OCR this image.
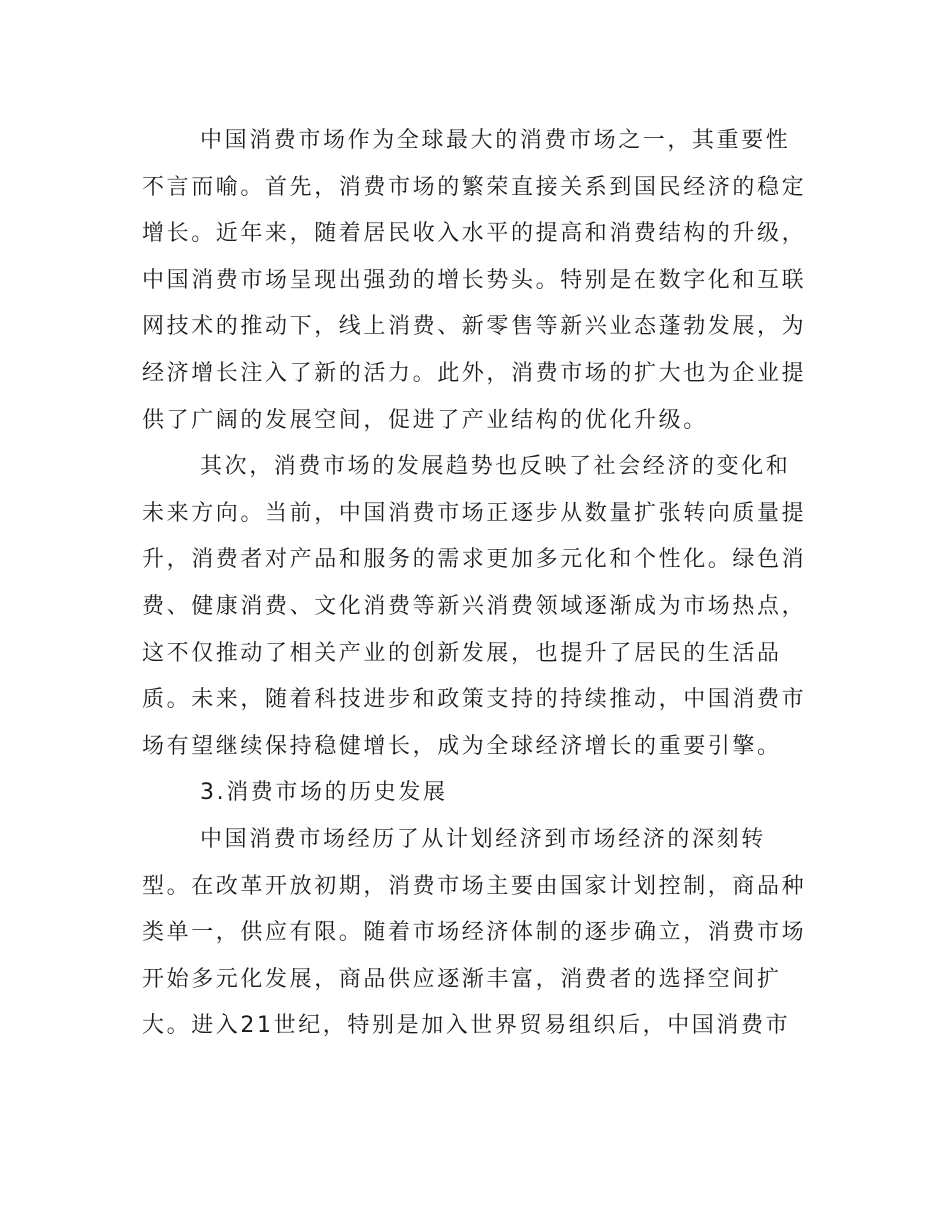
中国消费市场作为全球最大的消费市场之一，其重要性
不言而喻。首先，消费市场的繁荣直接关系到国民经济的稳定
增长。近年来，随着居民收入水平的提高和消费结构的升级，
中国消费市场呈现出强劲的增长势头。特别是在数字化和互联
网技术的推动下，线上消费、新零售等新兴业态蓬勃发展，为
经济增长注入了新的活力。此外，消费市场的扩大也为企业提
供了广阔的发展空间，促进了产业结构的优化升级。
其次，消费市场的发展趋势也反映了社会经济的变化和
未来方向。当前，中国消费市场正逐步从数量扩张转向质量提
升，消费者对产品和服务的需求更加多元化和个性化。绿色消
费、健康消费、文化消费等新兴消费领域逐渐成为市场热点，
这不仅推动了相关产业的创新发展，也提升了居民的生活品
质。未来，随着科技进步和政策支持的持续推动，中国消费市
场有望继续保持稳健增长，成为全球经济增长的重要引擎。
3.消费市场的历史发展
中国消费市场经历了从计划经济到市场经济的深刻转
型。在改革开放初期，消费市场主要由国家计划控制，商品种
类单一，供应有限。随着市场经济体制的逐步确立，消费市场
开始多元化发展，商品供应逐渐丰富，消费者的选择空间扩
大。进入21世纪，特别是加入世界贸易组织后，中国消费市
